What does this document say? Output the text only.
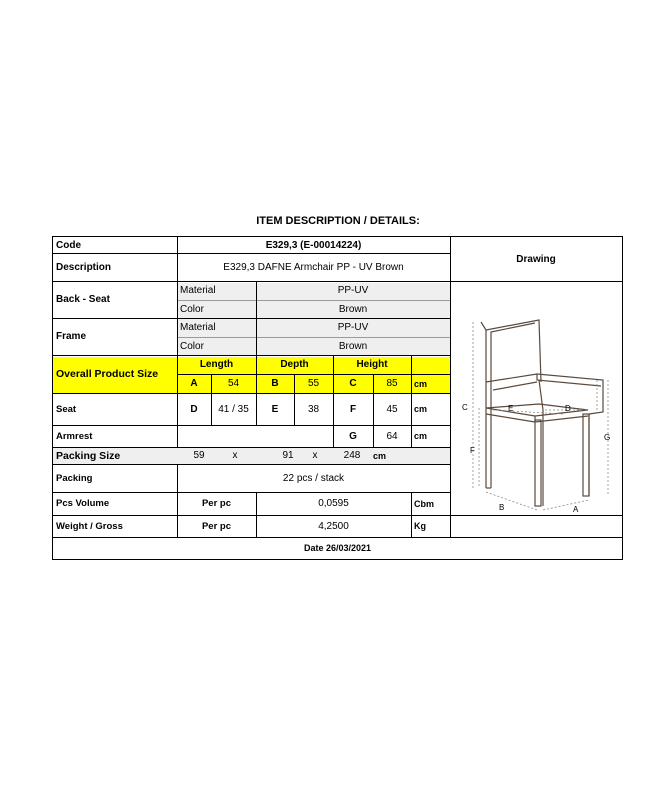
ITEM DESCRIPTION / DETAILS:
Code	E329,3 (E-00014224)
Description	E329,3 DAFNE Armchair PP - UV Brown
Drawing
Back - Seat
Material	PP-UV
Color	Brown
Frame
Material	PP-UV
Color	Brown
Overall Product Size
Length	Depth	Height
A	54	B	55	C	85	cm
Seat	D	41 / 35	E	38	F	45	cm
Armrest	G	64	cm
Packing Size	59	x	91	x	248	cm
Packing	22 pcs / stack
Pcs Volume	Per pc	0,0595	Cbm
Weight / Gross	Per pc	4,2500	Kg
Date 26/03/2021
C	E	D
G
F
B	A
